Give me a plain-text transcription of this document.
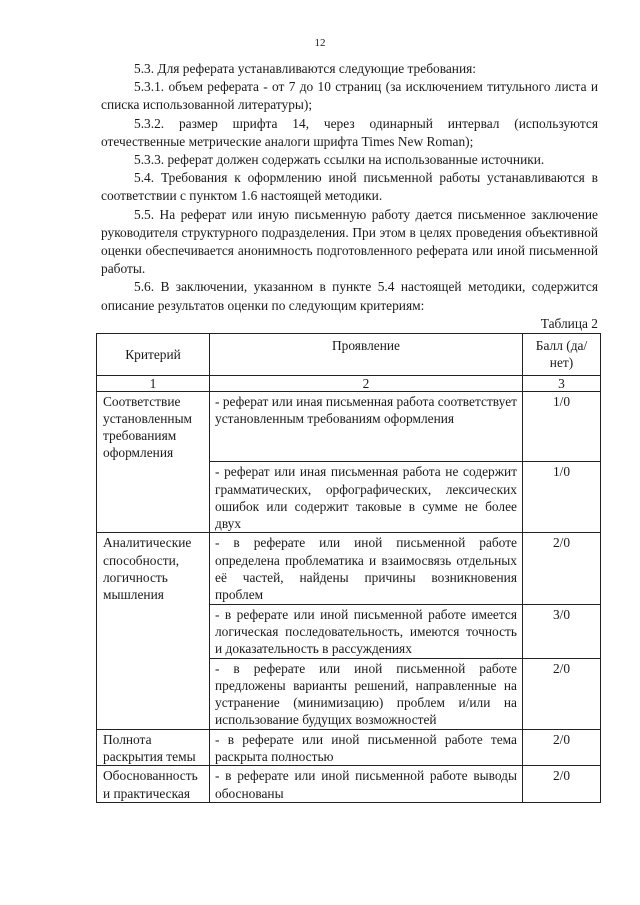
12

5.3. Для реферата устанавливаются следующие требования:

5.3.1. объем реферата - от 7 до 10 страниц (за исключением титульного листа и списка использованной литературы);

5.3.2. размер шрифта 14, через одинарный интервал (используются отечественные метрические аналоги шрифта Times New Roman);

5.3.3. реферат должен содержать ссылки на использованные источники.

5.4. Требования к оформлению иной письменной работы устанавливаются в соответствии с пунктом 1.6 настоящей методики.

5.5. На реферат или иную письменную работу дается письменное заключение руководителя структурного подразделения. При этом в целях проведения объективной оценки обеспечивается анонимность подготовленного реферата или иной письменной работы.

5.6. В заключении, указанном в пункте 5.4 настоящей методики, содержится описание результатов оценки по следующим критериям:

Таблица 2
Критерий	Проявление	Балл (да/нет)
1	2	3
Соответствие установленным требованиям оформления	- реферат или иная письменная работа соответствует установленным требованиям оформления	1/0
	- реферат или иная письменная работа не содержит грамматических, орфографических, лексических ошибок или содержит таковые в сумме не более двух	1/0
Аналитические способности, логичность мышления	- в реферате или иной письменной работе определена проблематика и взаимосвязь отдельных её частей, найдены причины возникновения проблем	2/0
	- в реферате или иной письменной работе имеется логическая последовательность, имеются точность и доказательность в рассуждениях	3/0
	- в реферате или иной письменной работе предложены варианты решений, направленные на устранение (минимизацию) проблем и/или на использование будущих возможностей	2/0
Полнота раскрытия темы	- в реферате или иной письменной работе тема раскрыта полностью	2/0
Обоснованность и практическая	- в реферате или иной письменной работе выводы обоснованы	2/0
